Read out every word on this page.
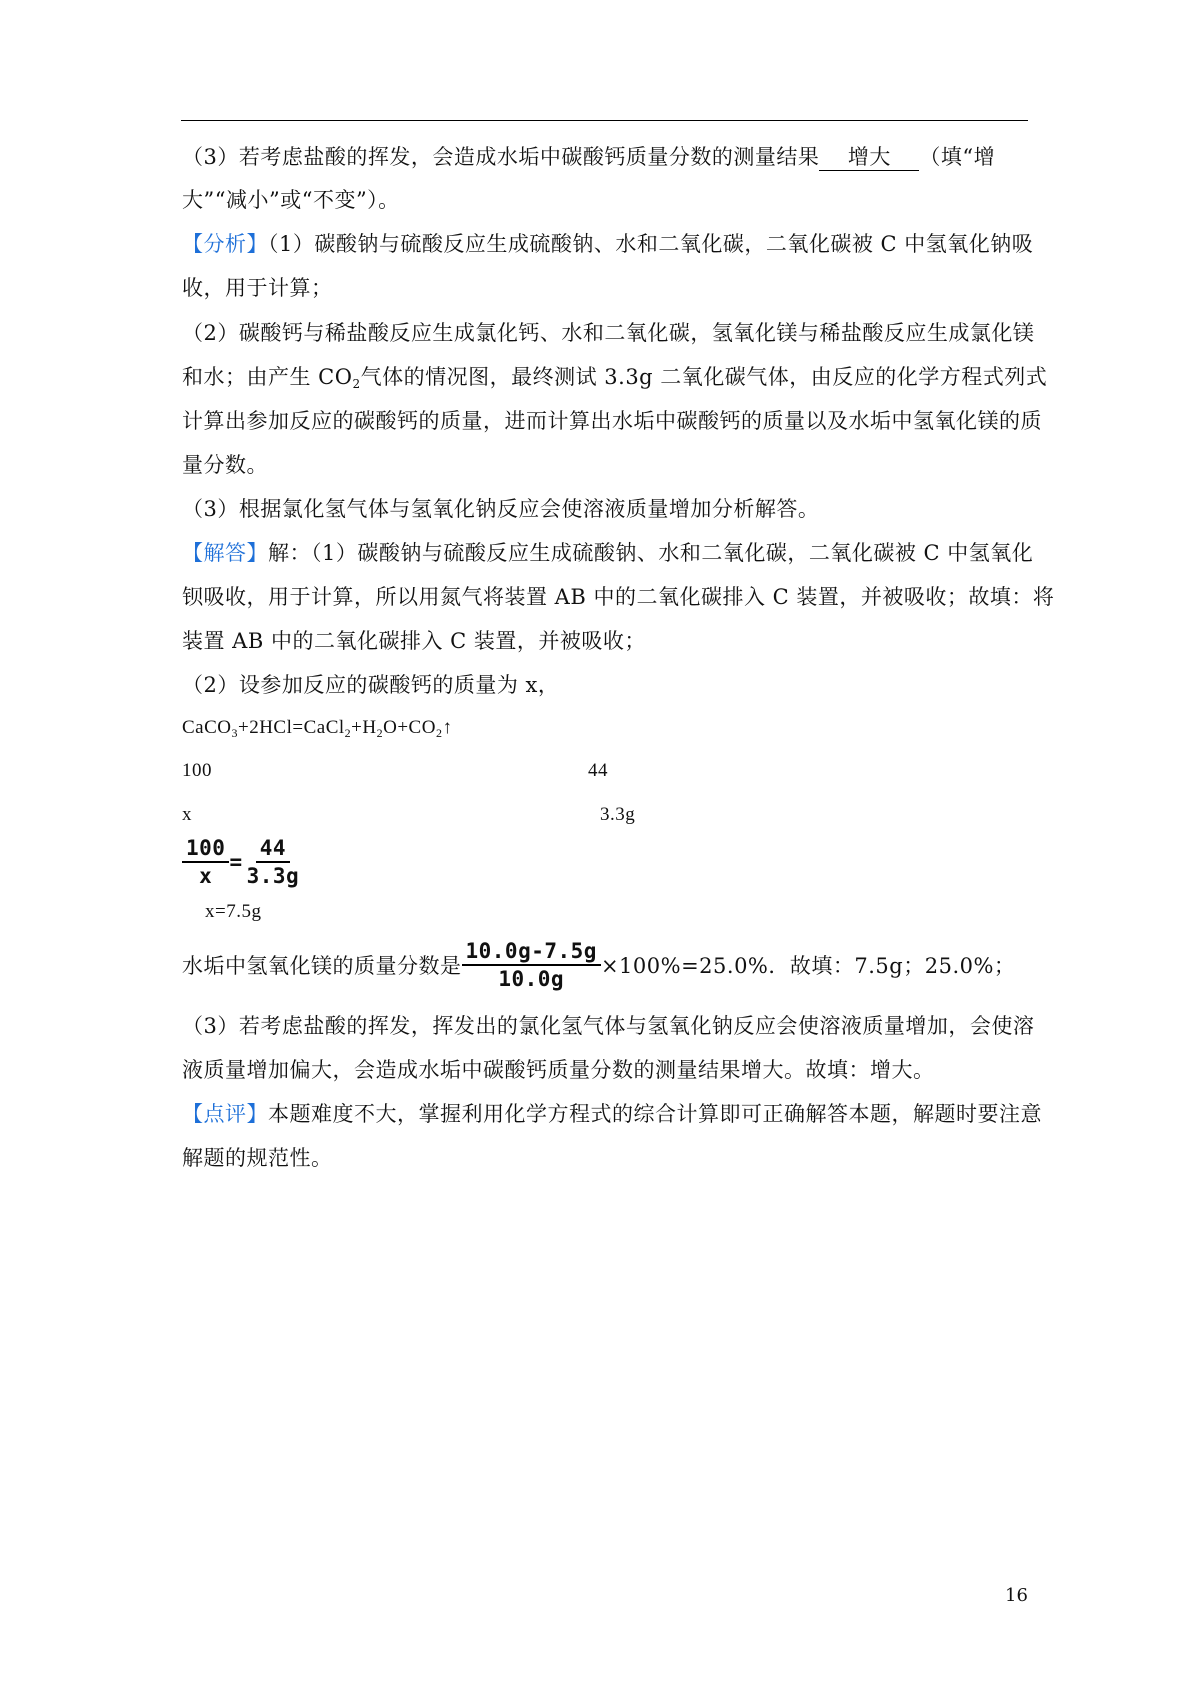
（3）若考虑盐酸的挥发，会造成水垢中碳酸钙质量分数的测量结果 增大 （填“增
大”“减小”或“不变”）。
【分析】（1）碳酸钠与硫酸反应生成硫酸钠、水和二氧化碳，二氧化碳被 C 中氢氧化钠吸
收，用于计算；
（2）碳酸钙与稀盐酸反应生成氯化钙、水和二氧化碳，氢氧化镁与稀盐酸反应生成氯化镁
和水；由产生 $CO_2$气体的情况图，最终测试 3.3g 二氧化碳气体，由反应的化学方程式列式
计算出参加反应的碳酸钙的质量，进而计算出水垢中碳酸钙的质量以及水垢中氢氧化镁的质
量分数。
（3）根据氯化氢气体与氢氧化钠反应会使溶液质量增加分析解答。
【解答】解：（1）碳酸钠与硫酸反应生成硫酸钠、水和二氧化碳，二氧化碳被 C 中氢氧化
钡吸收，用于计算，所以用氮气将装置 AB 中的二氧化碳排入 C 装置，并被吸收；故填：将
装置 AB 中的二氧化碳排入 C 装置，并被吸收；
（2）设参加反应的碳酸钙的质量为 x，
$CaCO_3+2HCl=CaCl_2+H_2O+CO_2↑$
100	44
x	3.3g
$\frac{100}{x} = \frac{44}{3.3g}$
x=7.5g
水垢中氢氧化镁的质量分数是 $\frac{10.0g-7.5g}{10.0g} \times 100\%=25.0\%$．故填：7.5g；25.0%；
（3）若考虑盐酸的挥发，挥发出的氯化氢气体与氢氧化钠反应会使溶液质量增加，会使溶
液质量增加偏大，会造成水垢中碳酸钙质量分数的测量结果增大。故填：增大。
【点评】本题难度不大，掌握利用化学方程式的综合计算即可正确解答本题，解题时要注意
解题的规范性。
16
